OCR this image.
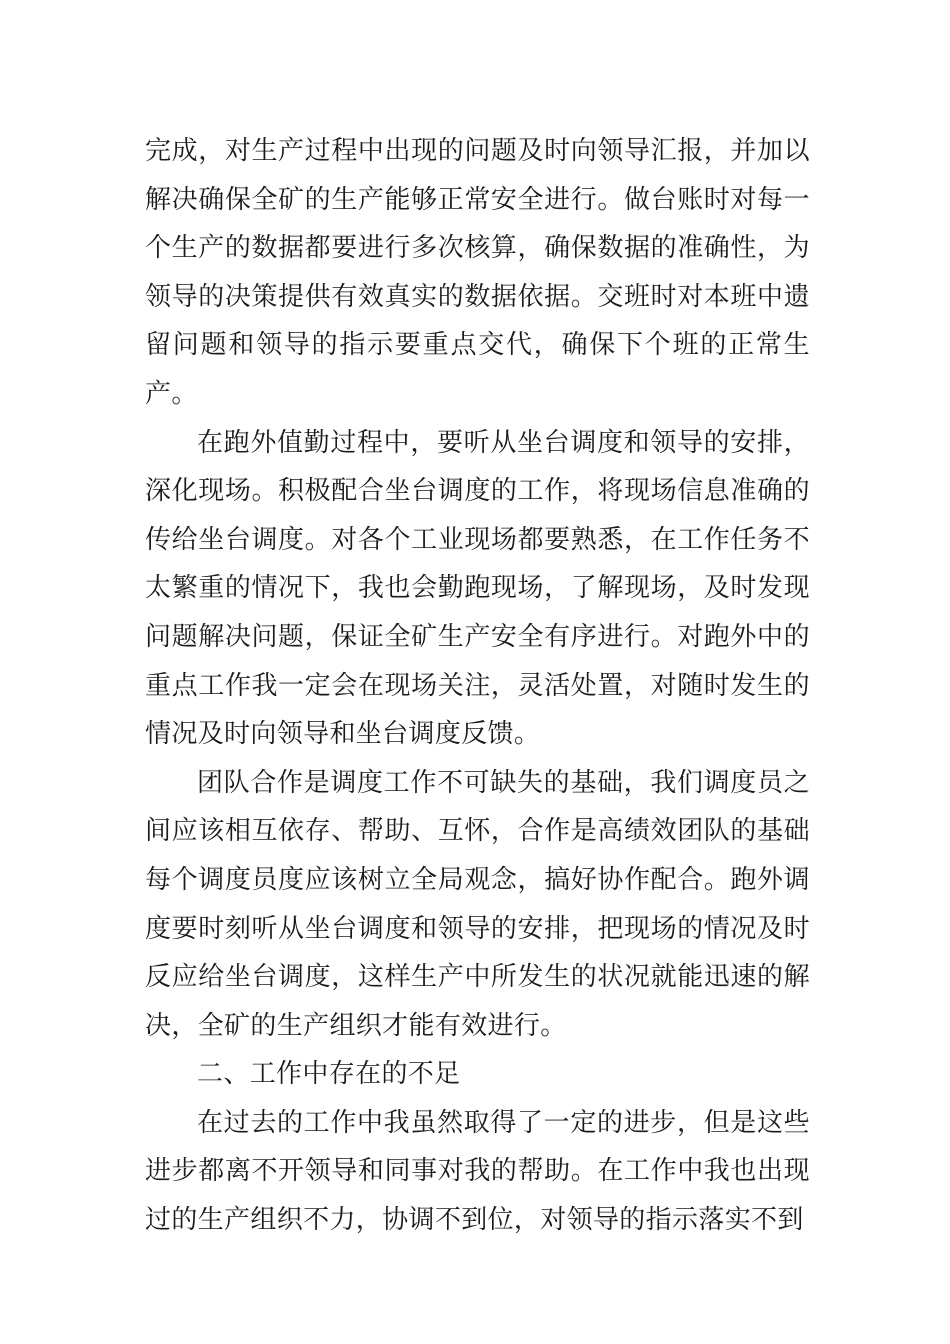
完成，对生产过程中出现的问题及时向领导汇报，并加以解决确保全矿的生产能够正常安全进行。做台账时对每一个生产的数据都要进行多次核算，确保数据的准确性，为领导的决策提供有效真实的数据依据。交班时对本班中遗留问题和领导的指示要重点交代，确保下个班的正常生产。

在跑外值勤过程中，要听从坐台调度和领导的安排，深化现场。积极配合坐台调度的工作，将现场信息准确的传给坐台调度。对各个工业现场都要熟悉，在工作任务不太繁重的情况下，我也会勤跑现场，了解现场，及时发现问题解决问题，保证全矿生产安全有序进行。对跑外中的重点工作我一定会在现场关注，灵活处置，对随时发生的情况及时向领导和坐台调度反馈。

团队合作是调度工作不可缺失的基础，我们调度员之间应该相互依存、帮助、互怀，合作是高绩效团队的基础每个调度员度应该树立全局观念，搞好协作配合。跑外调度要时刻听从坐台调度和领导的安排，把现场的情况及时反应给坐台调度，这样生产中所发生的状况就能迅速的解决，全矿的生产组织才能有效进行。

二、工作中存在的不足

在过去的工作中我虽然取得了一定的进步，但是这些进步都离不开领导和同事对我的帮助。在工作中我也出现过的生产组织不力，协调不到位，对领导的指示落实不到
